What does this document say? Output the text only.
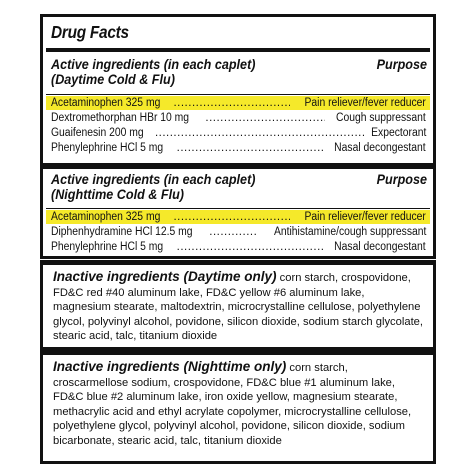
Drug Facts
Active ingredients (in each caplet)
(Daytime Cold & Flu)
Purpose
Acetaminophen 325 mg .....	Pain reliever/fever reducer
Dextromethorphan HBr 10 mg .....	Cough suppressant
Guaifenesin 200 mg .....	Expectorant
Phenylephrine HCl 5 mg .....	Nasal decongestant
Active ingredients (in each caplet)
(Nighttime Cold & Flu)
Purpose
Acetaminophen 325 mg .....	Pain reliever/fever reducer
Diphenhydramine HCl 12.5 mg .....	Antihistamine/cough suppressant
Phenylephrine HCl 5 mg .....	Nasal decongestant
Inactive ingredients (Daytime only) corn starch, crospovidone, FD&C red #40 aluminum lake, FD&C yellow #6 aluminum lake, magnesium stearate, maltodextrin, microcrystalline cellulose, polyethylene glycol, polyvinyl alcohol, povidone, silicon dioxide, sodium starch glycolate, stearic acid, talc, titanium dioxide
Inactive ingredients (Nighttime only) corn starch, croscarmellose sodium, crospovidone, FD&C blue #1 aluminum lake, FD&C blue #2 aluminum lake, iron oxide yellow, magnesium stearate, methacrylic acid and ethyl acrylate copolymer, microcrystalline cellulose, polyethylene glycol, polyvinyl alcohol, povidone, silicon dioxide, sodium bicarbonate, stearic acid, talc, titanium dioxide
